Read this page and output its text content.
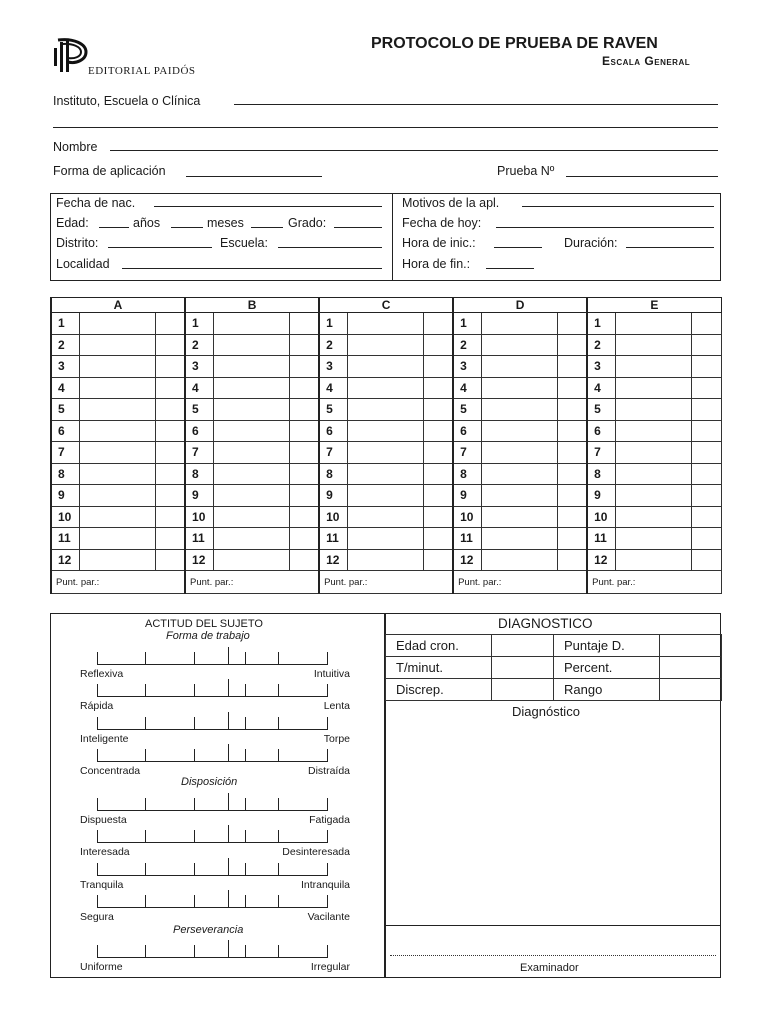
EDITORIAL PAIDÓS
PROTOCOLO DE PRUEBA DE RAVEN
Escala General
Instituto, Escuela o Clínica
Nombre
Forma de aplicación	Prueba Nº
Fecha de nac.
Edad:	años	meses	Grado:
Distrito:	Escuela:
Localidad
Motivos de la apl.
Fecha de hoy:
Hora de inic.:	Duración:
Hora de fin.:
A			B			C			D			E		
1			1			1			1			1		
2			2			2			2			2		
3			3			3			3			3		
4			4			4			4			4		
5			5			5			5			5		
6			6			6			6			6		
7			7			7			7			7		
8			8			8			8			8		
9			9			9			9			9		
10			10			10			10			10		
11			11			11			11			11		
12			12			12			12			12		
Punt. par.:			Punt. par.:			Punt. par.:			Punt. par.:			Punt. par.:		
ACTITUD DEL SUJETO
Forma de trabajo
Disposición
Perseverancia
Reflexiva	Intuitiva
Rápida	Lenta
Inteligente	Torpe
Concentrada	Distraída
Dispuesta	Fatigada
Interesada	Desinteresada
Tranquila	Intranquila
Segura	Vacilante
Uniforme	Irregular
DIAGNOSTICO
Edad cron.		Puntaje D.	
T/minut.		Percent.	
Discrep.		Rango	
Diagnóstico
Examinador
